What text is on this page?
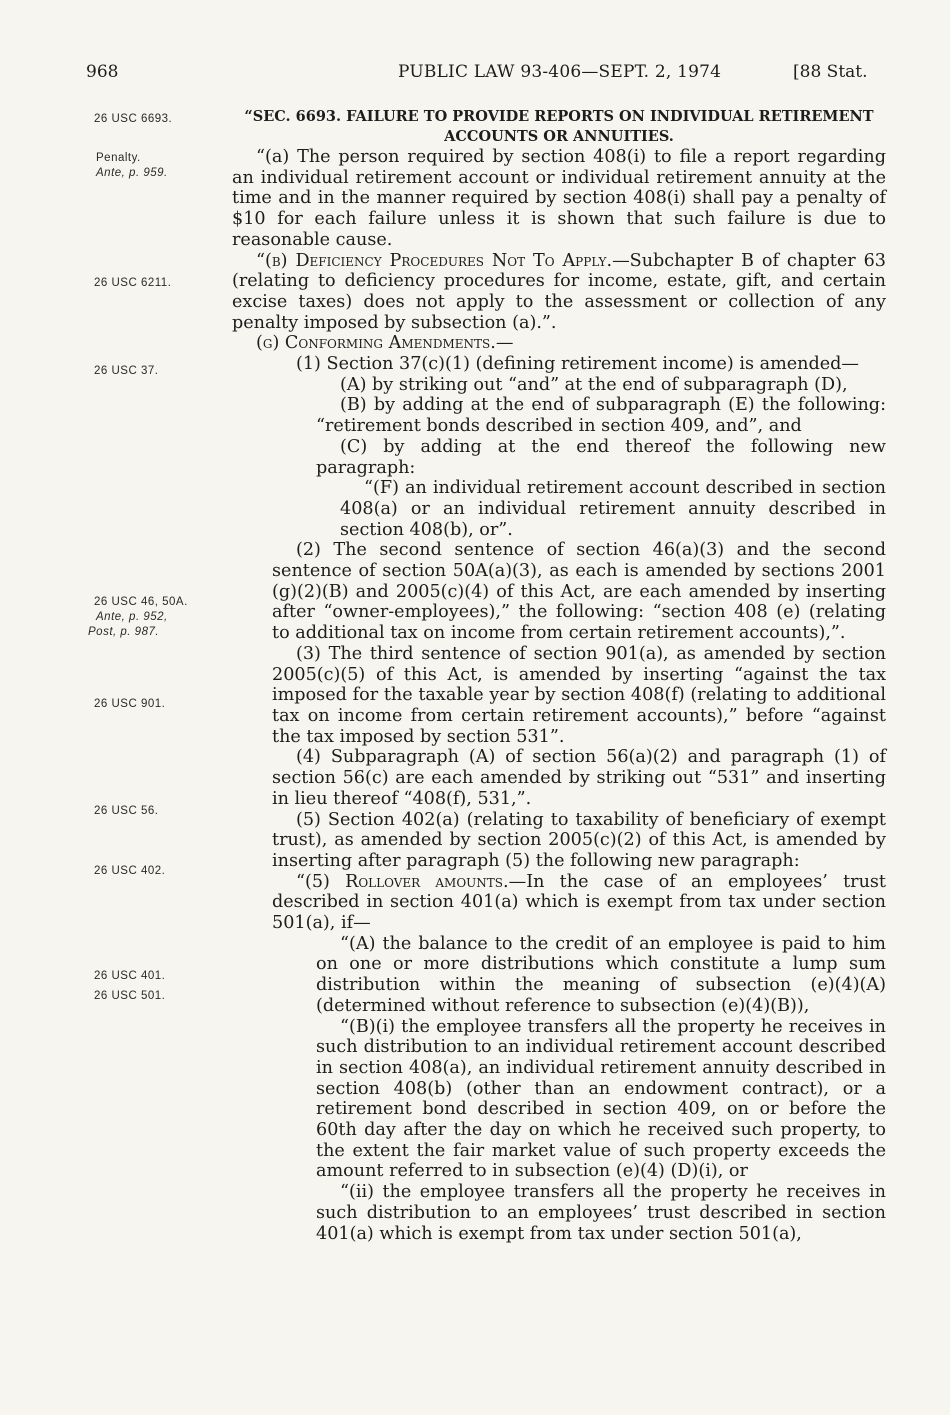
968	PUBLIC LAW 93-406—SEPT. 2, 1974	[88 Stat.
26 USC 6693.
Penalty.
Ante, p. 959.
26 USC 6211.
26 USC 37.
26 USC 46, 50A.
Ante, p. 952,
Post, p. 987.
26 USC 901.
26 USC 56.
26 USC 402.
26 USC 401.
26 USC 501.

“SEC. 6693. FAILURE TO PROVIDE REPORTS ON INDIVIDUAL RETIREMENT ACCOUNTS OR ANNUITIES.

“(a) The person required by section 408(i) to file a report regarding an individual retirement account or individual retirement annuity at the time and in the manner required by section 408(i) shall pay a penalty of $10 for each failure unless it is shown that such failure is due to reasonable cause.

“(b) Deficiency Procedures Not To Apply.—Subchapter B of chapter 63 (relating to deficiency procedures for income, estate, gift, and certain excise taxes) does not apply to the assessment or collection of any penalty imposed by subsection (a).”.

(g) Conforming Amendments.—

(1) Section 37(c)(1) (defining retirement income) is amended—

(A) by striking out “and” at the end of subparagraph (D),

(B) by adding at the end of subparagraph (E) the following: “retirement bonds described in section 409, and”, and

(C) by adding at the end thereof the following new paragraph:

“(F) an individual retirement account described in section 408(a) or an individual retirement annuity described in section 408(b), or”.

(2) The second sentence of section 46(a)(3) and the second sentence of section 50A(a)(3), as each is amended by sections 2001 (g)(2)(B) and 2005(c)(4) of this Act, are each amended by inserting after “owner-employees),” the following: “section 408 (e) (relating to additional tax on income from certain retirement accounts),”.

(3) The third sentence of section 901(a), as amended by section 2005(c)(5) of this Act, is amended by inserting “against the tax imposed for the taxable year by section 408(f) (relating to additional tax on income from certain retirement accounts),” before “against the tax imposed by section 531”.

(4) Subparagraph (A) of section 56(a)(2) and paragraph (1) of section 56(c) are each amended by striking out “531” and inserting in lieu thereof “408(f), 531,”.

(5) Section 402(a) (relating to taxability of beneficiary of exempt trust), as amended by section 2005(c)(2) of this Act, is amended by inserting after paragraph (5) the following new paragraph:

“(5) Rollover amounts.—In the case of an employees’ trust described in section 401(a) which is exempt from tax under section 501(a), if—

“(A) the balance to the credit of an employee is paid to him on one or more distributions which constitute a lump sum distribution within the meaning of subsection (e)(4)(A) (determined without reference to subsection (e)(4)(B)),

“(B)(i) the employee transfers all the property he receives in such distribution to an individual retirement account described in section 408(a), an individual retirement annuity described in section 408(b) (other than an endowment contract), or a retirement bond described in section 409, on or before the 60th day after the day on which he received such property, to the extent the fair market value of such property exceeds the amount referred to in subsection (e)(4) (D)(i), or

“(ii) the employee transfers all the property he receives in such distribution to an employees’ trust described in section 401(a) which is exempt from tax under section 501(a),
